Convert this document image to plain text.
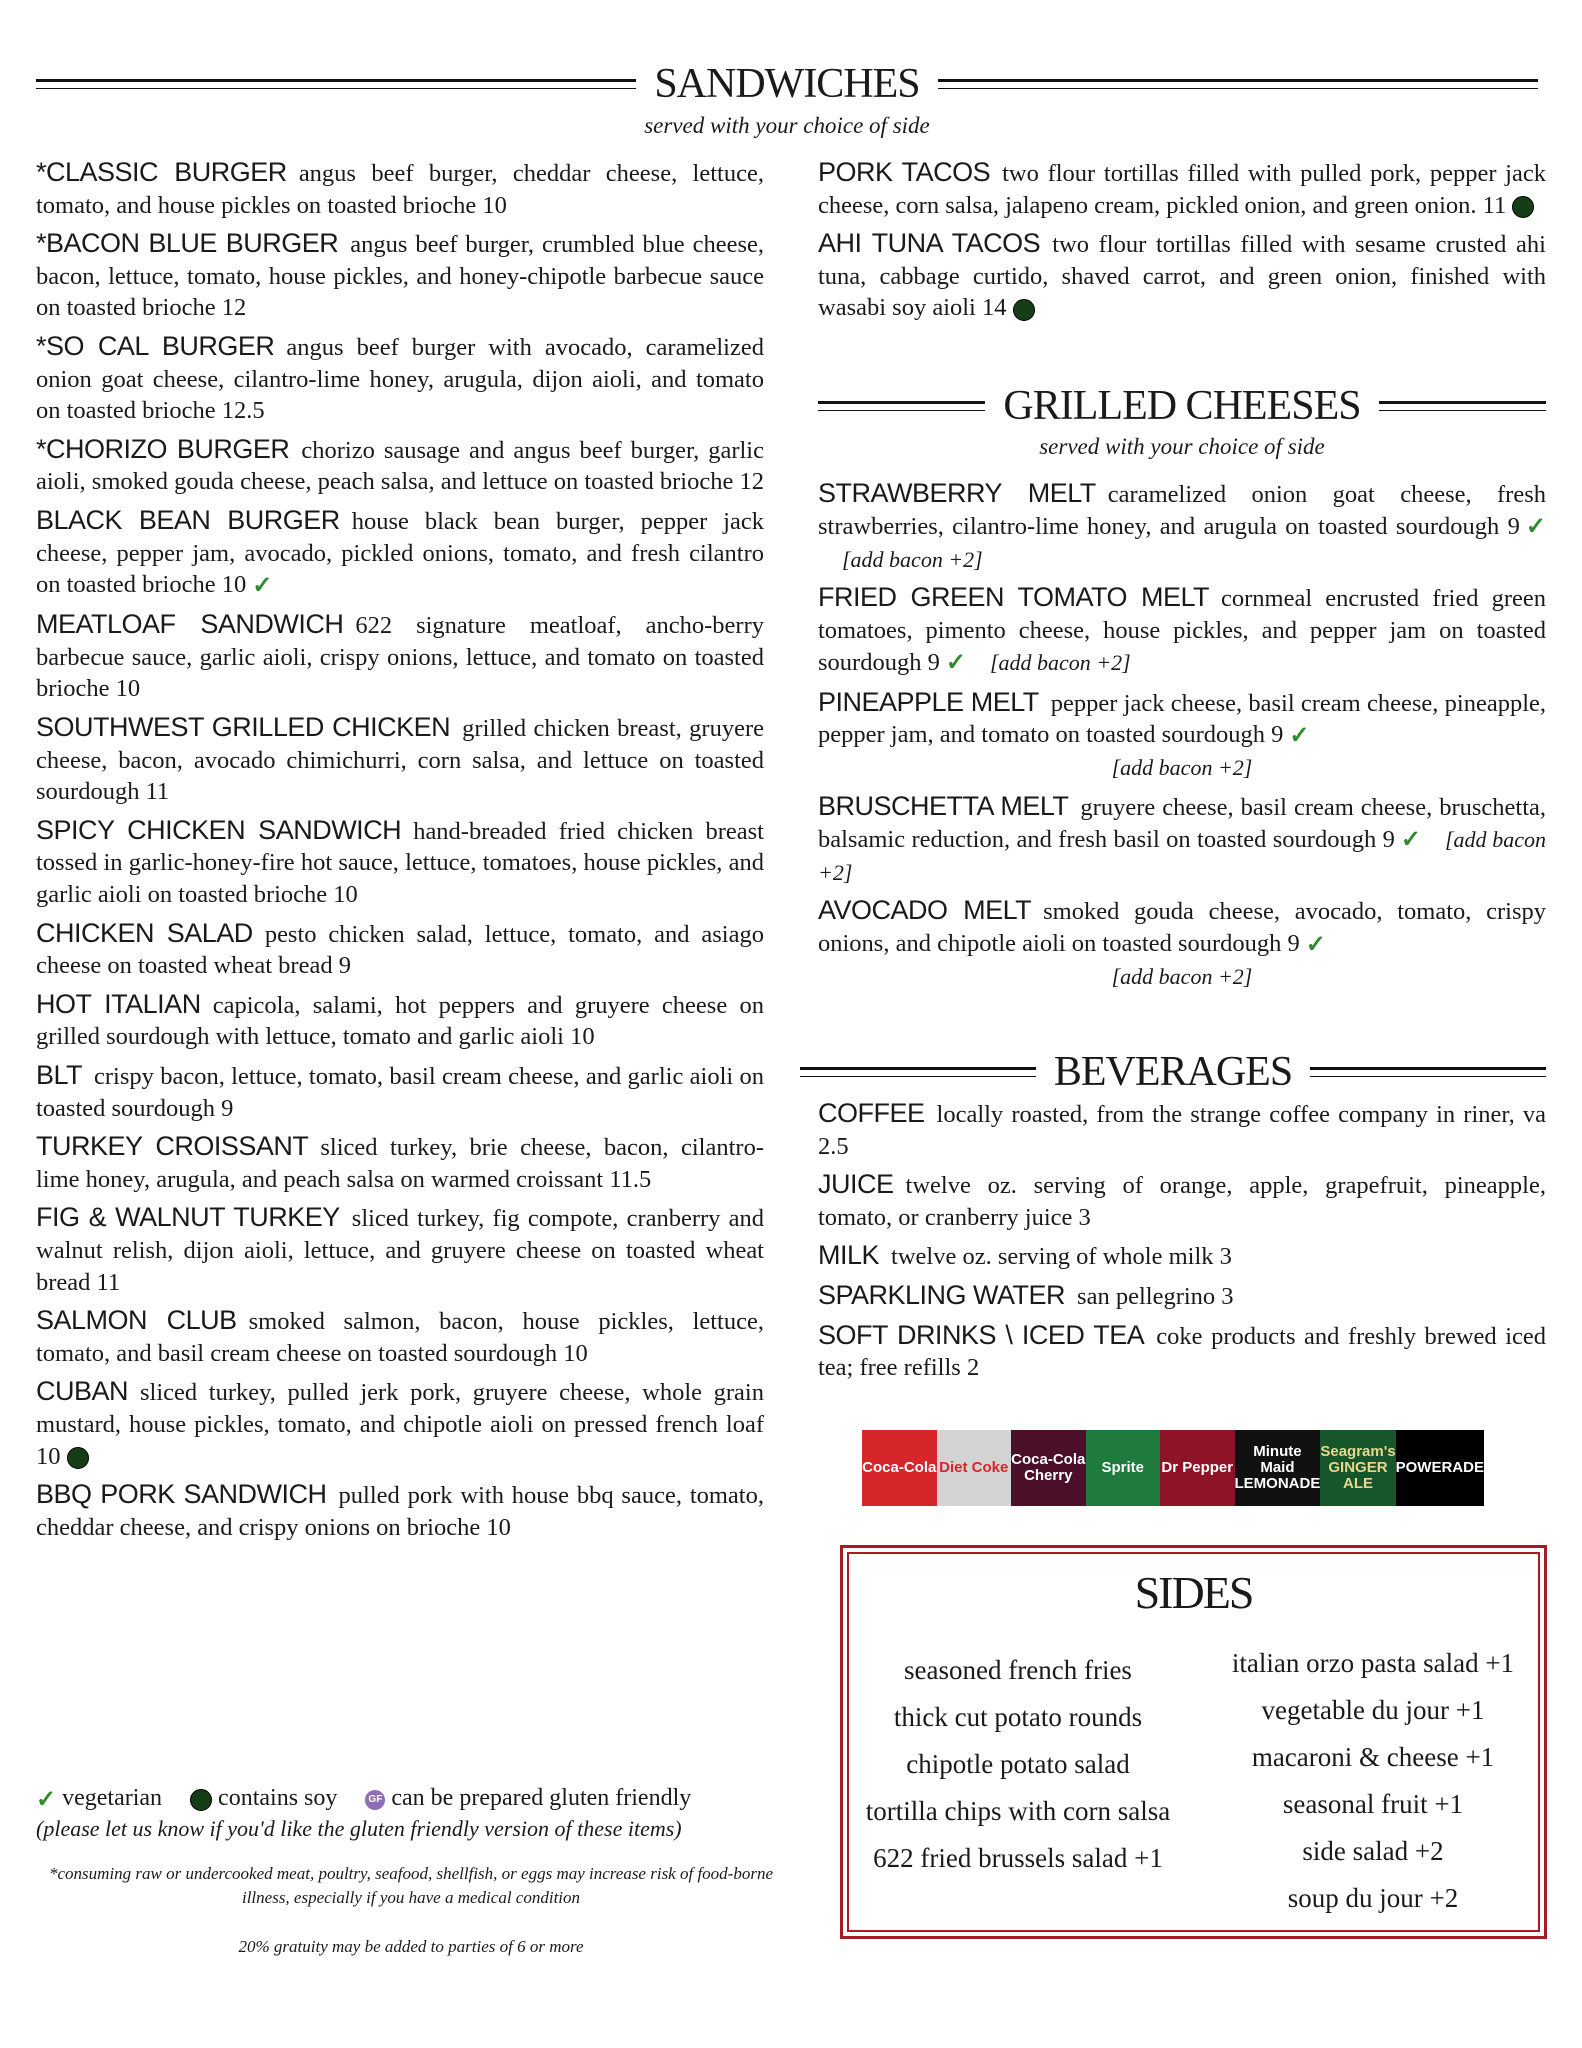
SANDWICHES
served with your choice of side
*CLASSIC BURGER angus beef burger, cheddar cheese, lettuce, tomato, and house pickles on toasted brioche 10
*BACON BLUE BURGER angus beef burger, crumbled blue cheese, bacon, lettuce, tomato, house pickles, and honey-chipotle barbecue sauce on toasted brioche 12
*SO CAL BURGER angus beef burger with avocado, caramelized onion goat cheese, cilantro-lime honey, arugula, dijon aioli, and tomato on toasted brioche 12.5
*CHORIZO BURGER chorizo sausage and angus beef burger, garlic aioli, smoked gouda cheese, peach salsa, and lettuce on toasted brioche 12
BLACK BEAN BURGER house black bean burger, pepper jack cheese, pepper jam, avocado, pickled onions, tomato, and fresh cilantro on toasted brioche 10 ✓
MEATLOAF SANDWICH 622 signature meatloaf, ancho-berry barbecue sauce, garlic aioli, crispy onions, lettuce, and tomato on toasted brioche 10
SOUTHWEST GRILLED CHICKEN grilled chicken breast, gruyere cheese, bacon, avocado chimichurri, corn salsa, and lettuce on toasted sourdough 11
SPICY CHICKEN SANDWICH hand-breaded fried chicken breast tossed in garlic-honey-fire hot sauce, lettuce, tomatoes, house pickles, and garlic aioli on toasted brioche 10
CHICKEN SALAD pesto chicken salad, lettuce, tomato, and asiago cheese on toasted wheat bread 9
HOT ITALIAN capicola, salami, hot peppers and gruyere cheese on grilled sourdough with lettuce, tomato and garlic aioli 10
BLT crispy bacon, lettuce, tomato, basil cream cheese, and garlic aioli on toasted sourdough 9
TURKEY CROISSANT sliced turkey, brie cheese, bacon, cilantro-lime honey, arugula, and peach salsa on warmed croissant 11.5
FIG & WALNUT TURKEY sliced turkey, fig compote, cranberry and walnut relish, dijon aioli, lettuce, and gruyere cheese on toasted wheat bread 11
SALMON CLUB smoked salmon, bacon, house pickles, lettuce, tomato, and basil cream cheese on toasted sourdough 10
CUBAN sliced turkey, pulled jerk pork, gruyere cheese, whole grain mustard, house pickles, tomato, and chipotle aioli on pressed french loaf 10
BBQ PORK SANDWICH pulled pork with house bbq sauce, tomato, cheddar cheese, and crispy onions on brioche 10
PORK TACOS two flour tortillas filled with pulled pork, pepper jack cheese, corn salsa, jalapeno cream, pickled onion, and green onion. 11
AHI TUNA TACOS two flour tortillas filled with sesame crusted ahi tuna, cabbage curtido, shaved carrot, and green onion, finished with wasabi soy aioli 14
GRILLED CHEESES
served with your choice of side
STRAWBERRY MELT caramelized onion goat cheese, fresh strawberries, cilantro-lime honey, and arugula on toasted sourdough 9 ✓[add bacon +2]
FRIED GREEN TOMATO MELT cornmeal encrusted fried green tomatoes, pimento cheese, house pickles, and pepper jam on toasted sourdough 9 ✓ [add bacon +2]
PINEAPPLE MELT pepper jack cheese, basil cream cheese, pineapple, pepper jam, and tomato on toasted sourdough 9 ✓
[add bacon +2]
BRUSCHETTA MELT gruyere cheese, basil cream cheese, bruschetta, balsamic reduction, and fresh basil on toasted sourdough 9 ✓ [add bacon +2]
AVOCADO MELT smoked gouda cheese, avocado, tomato, crispy onions, and chipotle aioli on toasted sourdough 9 ✓
[add bacon +2]
BEVERAGES
COFFEE locally roasted, from the strange coffee company in riner, va 2.5
JUICE twelve oz. serving of orange, apple, grapefruit, pineapple, tomato, or cranberry juice 3
MILK twelve oz. serving of whole milk 3
SPARKLING WATER san pellegrino 3
SOFT DRINKS \ ICED TEA coke products and freshly brewed iced tea; free refills 2
Coca-Cola Diet Coke Coca-Cola Cherry	Sprite	Dr Pepper
Minute Maid LEMONADE
Seagram's GINGER ALE
POWERADE
SIDES
seasoned french fries
thick cut potato rounds
chipotle potato salad
tortilla chips with corn salsa
622 fried brussels salad +1
italian orzo pasta salad +1
vegetable du jour +1
macaroni & cheese +1
seasonal fruit +1
side salad +2
soup du jour +2
✓ vegetarian contains soy	GF can be prepared gluten friendly
(please let us know if you'd like the gluten friendly version of these items)
*consuming raw or undercooked meat, poultry, seafood, shellfish, or eggs may increase risk of food-borne illness, especially if you have a medical condition
20% gratuity may be added to parties of 6 or more
